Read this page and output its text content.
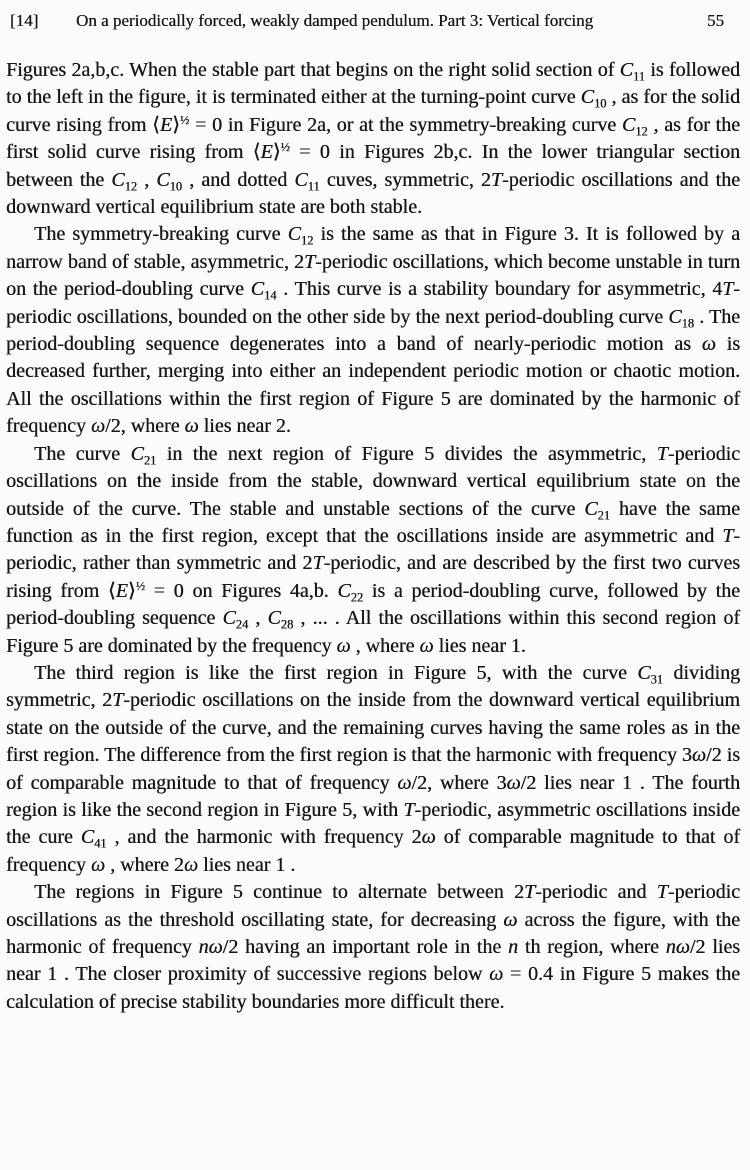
[14]	On a periodically forced, weakly damped pendulum. Part 3: Vertical forcing	55

Figures 2a,b,c. When the stable part that begins on the right solid section of $C_{11}$ is followed to the left in the figure, it is terminated either at the turning-point curve $C_{10}$ , as for the solid curve rising from ⟨E⟩$^{\frac{1}{2}}$ = 0 in Figure 2a, or at the symmetry-breaking curve $C_{12}$ , as for the first solid curve rising from ⟨E⟩$^{\frac{1}{2}}$ = 0 in Figures 2b,c. In the lower triangular section between the $C_{12}$ , $C_{10}$ , and dotted $C_{11}$ cuves, symmetric, 2T-periodic oscillations and the downward vertical equilibrium state are both stable.

The symmetry-breaking curve $C_{12}$ is the same as that in Figure 3. It is followed by a narrow band of stable, asymmetric, 2T-periodic oscillations, which become unstable in turn on the period-doubling curve $C_{14}$ . This curve is a stability boundary for asymmetric, 4T-periodic oscillations, bounded on the other side by the next period-doubling curve $C_{18}$ . The period-doubling sequence degenerates into a band of nearly-periodic motion as ω is decreased further, merging into either an independent periodic motion or chaotic motion. All the oscillations within the first region of Figure 5 are dominated by the harmonic of frequency ω/2, where ω lies near 2.

The curve $C_{21}$ in the next region of Figure 5 divides the asymmetric, T-periodic oscillations on the inside from the stable, downward vertical equilibrium state on the outside of the curve. The stable and unstable sections of the curve $C_{21}$ have the same function as in the first region, except that the oscillations inside are asymmetric and T-periodic, rather than symmetric and 2T-periodic, and are described by the first two curves rising from ⟨E⟩$^{\frac{1}{2}}$ = 0 on Figures 4a,b. $C_{22}$ is a period-doubling curve, followed by the period-doubling sequence $C_{24}$ , $C_{28}$ , ... . All the oscillations within this second region of Figure 5 are dominated by the frequency ω , where ω lies near 1.

The third region is like the first region in Figure 5, with the curve $C_{31}$ dividing symmetric, 2T-periodic oscillations on the inside from the downward vertical equilibrium state on the outside of the curve, and the remaining curves having the same roles as in the first region. The difference from the first region is that the harmonic with frequency 3ω/2 is of comparable magnitude to that of frequency ω/2, where 3ω/2 lies near 1 . The fourth region is like the second region in Figure 5, with T-periodic, asymmetric oscillations inside the cure $C_{41}$ , and the harmonic with frequency 2ω of comparable magnitude to that of frequency ω , where 2ω lies near 1 .

The regions in Figure 5 continue to alternate between 2T-periodic and T-periodic oscillations as the threshold oscillating state, for decreasing ω across the figure, with the harmonic of frequency nω/2 having an important role in the n th region, where nω/2 lies near 1 . The closer proximity of successive regions below ω = 0.4 in Figure 5 makes the calculation of precise stability boundaries more difficult there.
